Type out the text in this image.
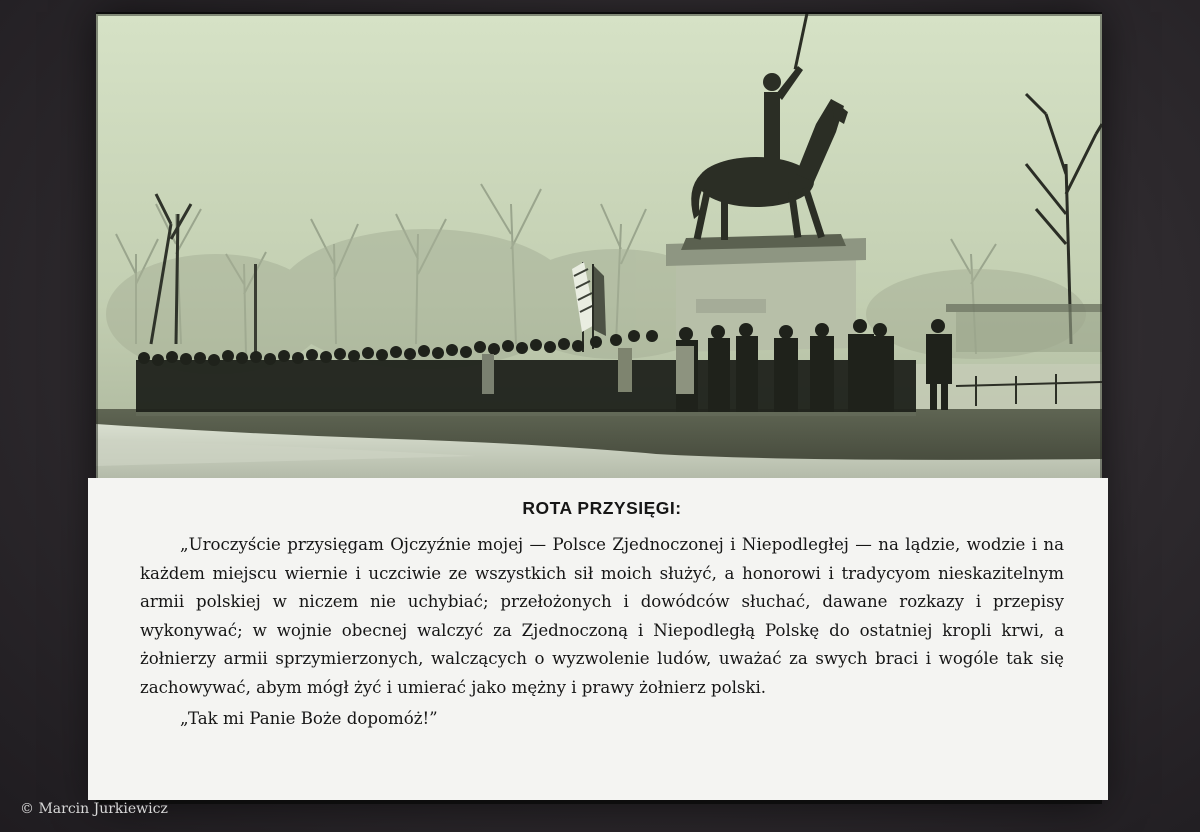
ROTA PRZYSIĘGI:

„Uroczyście przysięgam Ojczyźnie mojej — Polsce Zjednoczonej i Niepodległej — na lądzie, wodzie i na każdem miejscu wiernie i uczciwie ze wszystkich sił moich służyć, a honorowi i tradycyom nieskazitelnym armii polskiej w niczem nie uchybiać; przełożonych i dowódców słuchać, dawane rozkazy i przepisy wykonywać; w wojnie obecnej walczyć za Zjednoczoną i Niepodległą Polskę do ostatniej kropli krwi, a żołnierzy armii sprzymierzonych, walczących o wyzwolenie ludów, uważać za swych braci i wogóle tak się zachowywać, abym mógł żyć i umierać jako mężny i prawy żołnierz polski.

„Tak mi Panie Boże dopomóż!”

© Marcin Jurkiewicz
